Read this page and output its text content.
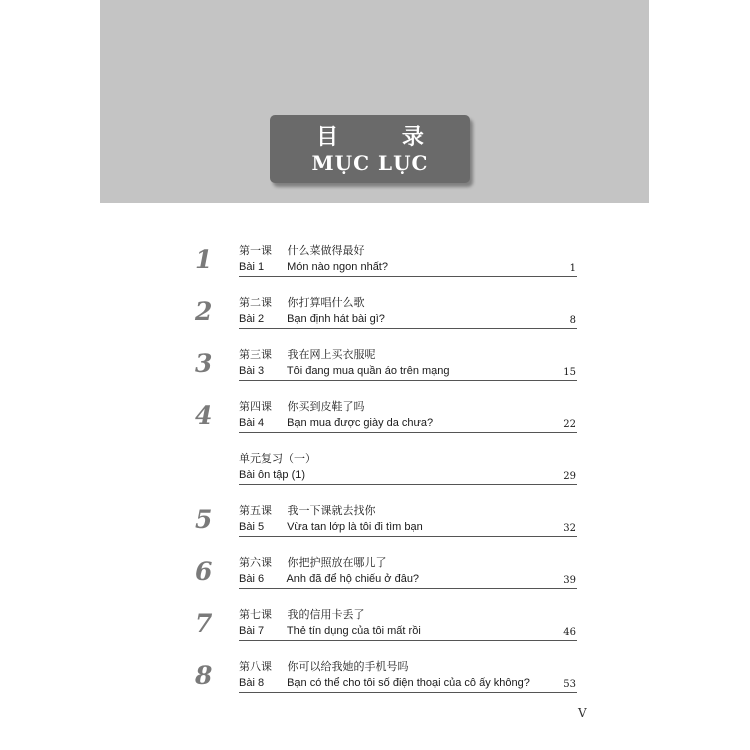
目 录
MỤC LỤC
1 第一课 什么菜做得最好
Bài 1 Món nào ngon nhất?	1
2 第二课 你打算唱什么歌
Bài 2 Bạn định hát bài gì?	8
3 第三课 我在网上买衣服呢
Bài 3 Tôi đang mua quần áo trên mạng	15
4 第四课 你买到皮鞋了吗
Bài 4 Bạn mua được giày da chưa?	22
单元复习（一）
Bài ôn tập (1)	29
5 第五课 我一下课就去找你
Bài 5 Vừa tan lớp là tôi đi tìm bạn	32
6 第六课 你把护照放在哪儿了
Bài 6 Anh đã để hộ chiếu ở đâu?	39
7 第七课 我的信用卡丢了
Bài 7 Thẻ tín dụng của tôi mất rồi	46
8 第八课 你可以给我她的手机号吗
Bài 8 Bạn có thể cho tôi số điện thoại của cô ấy không?	53
V
